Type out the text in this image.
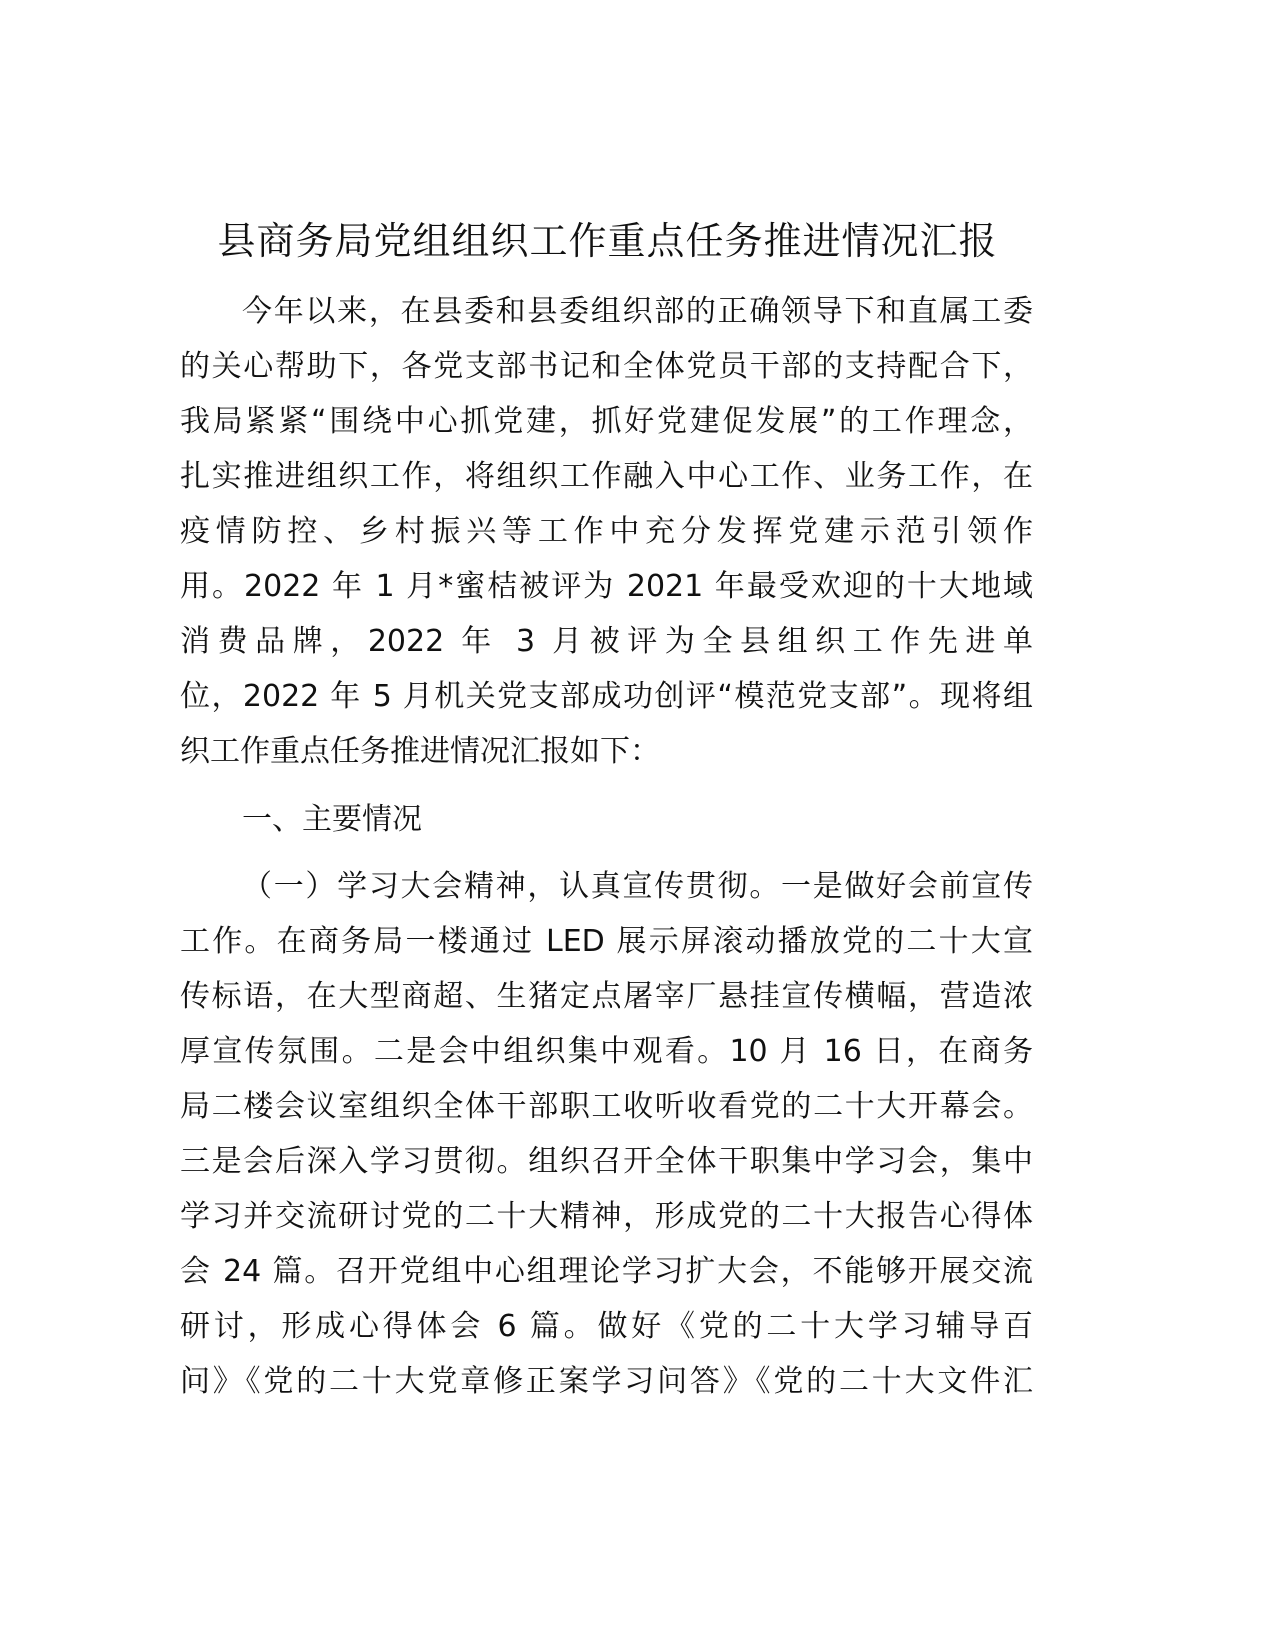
县商务局党组组织工作重点任务推进情况汇报
今年以来，在县委和县委组织部的正确领导下和直属工委
的关心帮助下，各党支部书记和全体党员干部的支持配合下，
我局紧紧“围绕中心抓党建，抓好党建促发展”的工作理念，
扎实推进组织工作，将组织工作融入中心工作、业务工作，在
疫情防控、乡村振兴等工作中充分发挥党建示范引领作
用。2022 年 1 月*蜜桔被评为 2021 年最受欢迎的十大地域
消费品牌，2022 年 3 月被评为全县组织工作先进单
位，2022 年 5 月机关党支部成功创评“模范党支部”。现将组
织工作重点任务推进情况汇报如下：
一、主要情况
（一）学习大会精神，认真宣传贯彻。一是做好会前宣传
工作。在商务局一楼通过 LED 展示屏滚动播放党的二十大宣
传标语，在大型商超、生猪定点屠宰厂悬挂宣传横幅，营造浓
厚宣传氛围。二是会中组织集中观看。10 月 16 日，在商务
局二楼会议室组织全体干部职工收听收看党的二十大开幕会。
三是会后深入学习贯彻。组织召开全体干职集中学习会，集中
学习并交流研讨党的二十大精神，形成党的二十大报告心得体
会 24 篇。召开党组中心组理论学习扩大会，不能够开展交流
研讨，形成心得体会 6 篇。做好《党的二十大学习辅导百
问》《党的二十大党章修正案学习问答》《党的二十大文件汇
